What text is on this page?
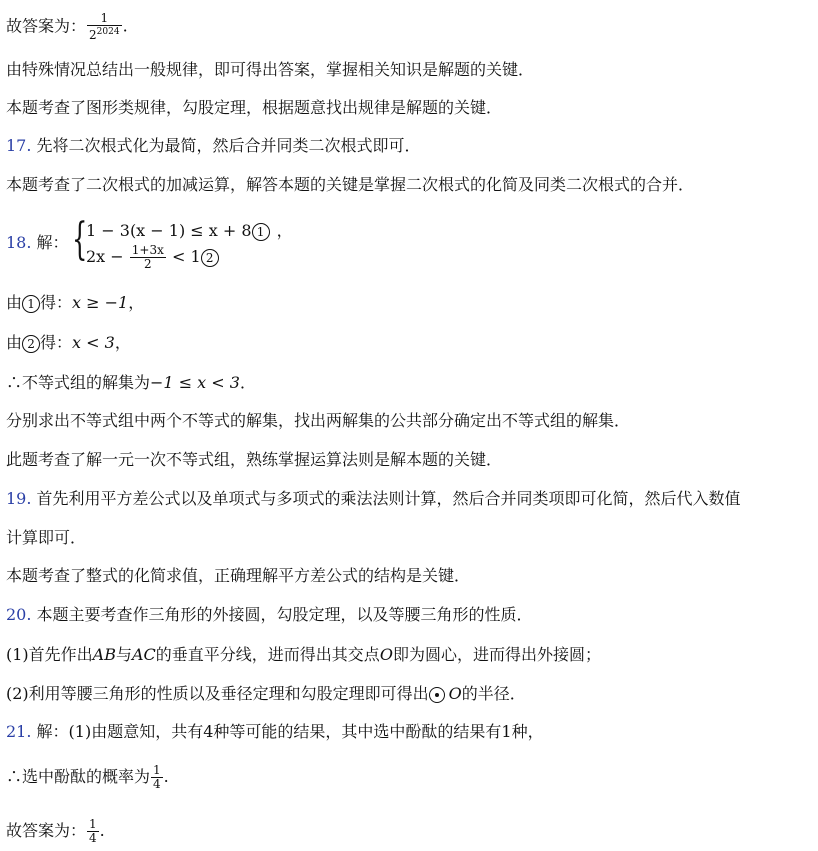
故答案为： $\frac{1}{2^{2024}}$ .
由特殊情况总结出一般规律，即可得出答案，掌握相关知识是解题的关键．
本题考查了图形类规律，勾股定理，根据题意找出规律是解题的关键．
17. 先将二次根式化为最简，然后合并同类二次根式即可．
本题考查了二次根式的加减运算，解答本题的关键是掌握二次根式的化简及同类二次根式的合并．
18. 解： {
1 − 3(x − 1) ≤ x + 8 1 ，
$2x - \frac{1+3x}{2} < 1$ 2
由 1 得：x ≥ −1，
由 2 得：x < 3，
∴不等式组的解集为−1 ≤ x < 3．
分别求出不等式组中两个不等式的解集，找出两解集的公共部分确定出不等式组的解集．
此题考查了解一元一次不等式组，熟练掌握运算法则是解本题的关键．
19. 首先利用平方差公式以及单项式与多项式的乘法法则计算，然后合并同类项即可化简，然后代入数值
计算即可．
本题考查了整式的化简求值，正确理解平方差公式的结构是关键．
20. 本题主要考查作三角形的外接圆，勾股定理，以及等腰三角形的性质．
(1)首先作出AB与AC的垂直平分线，进而得出其交点O即为圆心，进而得出外接圆；
(2)利用等腰三角形的性质以及垂径定理和勾股定理即可得出 O的半径．
21. 解：(1)由题意知，共有4种等可能的结果，其中选中酚酞的结果有1种，
∴选中酚酞的概率为 $\frac{1}{4}$ .
故答案为： $\frac{1}{4}$ .
